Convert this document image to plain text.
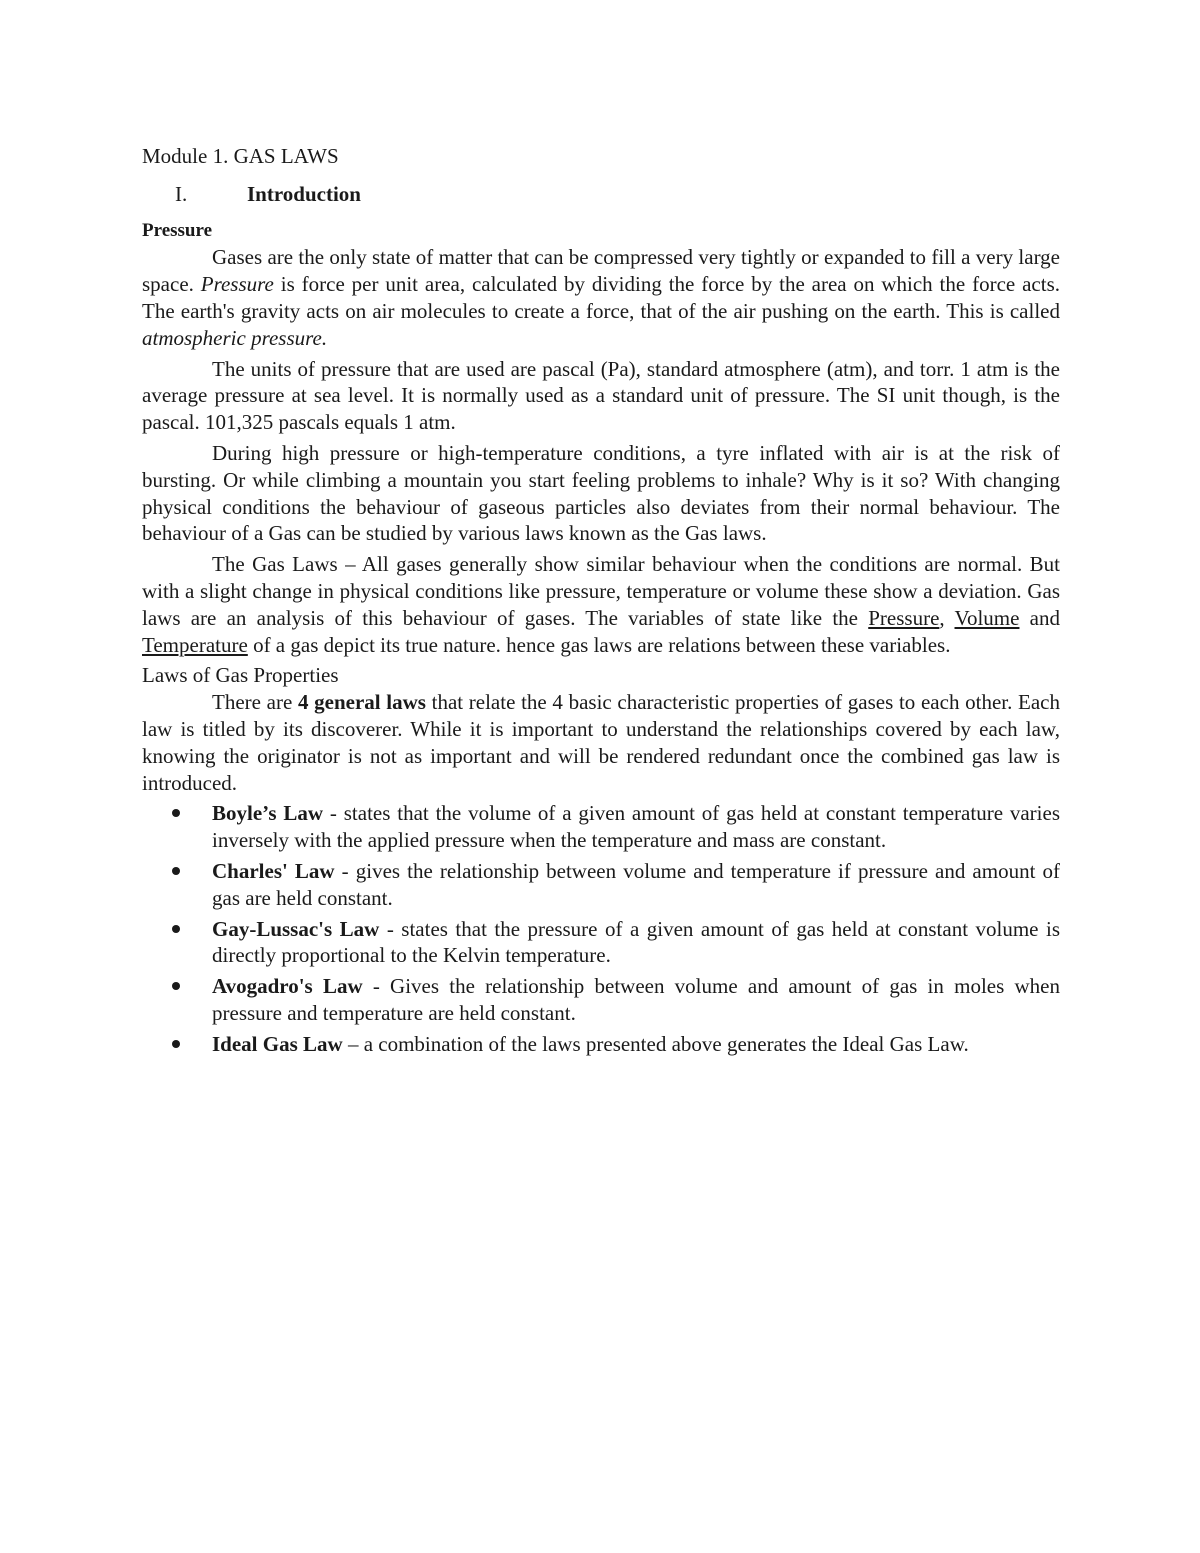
Module 1. GAS LAWS
I.	Introduction
Pressure

Gases are the only state of matter that can be compressed very tightly or expanded to fill a very large space. Pressure is force per unit area, calculated by dividing the force by the area on which the force acts. The earth's gravity acts on air molecules to create a force, that of the air pushing on the earth. This is called atmospheric pressure.

The units of pressure that are used are pascal (Pa), standard atmosphere (atm), and torr. 1 atm is the average pressure at sea level. It is normally used as a standard unit of pressure. The SI unit though, is the pascal. 101,325 pascals equals 1 atm.

During high pressure or high-temperature conditions, a tyre inflated with air is at the risk of bursting. Or while climbing a mountain you start feeling problems to inhale? Why is it so? With changing physical conditions the behaviour of gaseous particles also deviates from their normal behaviour. The behaviour of a Gas can be studied by various laws known as the Gas laws.

The Gas Laws – All gases generally show similar behaviour when the conditions are normal. But with a slight change in physical conditions like pressure, temperature or volume these show a deviation. Gas laws are an analysis of this behaviour of gases. The variables of state like the Pressure, Volume and Temperature of a gas depict its true nature. hence gas laws are relations between these variables.

Laws of Gas Properties

There are 4 general laws that relate the 4 basic characteristic properties of gases to each other. Each law is titled by its discoverer. While it is important to understand the relationships covered by each law, knowing the originator is not as important and will be rendered redundant once the combined gas law is introduced.

Boyle’s Law - states that the volume of a given amount of gas held at constant temperature varies inversely with the applied pressure when the temperature and mass are constant.
Charles' Law - gives the relationship between volume and temperature if pressure and amount of gas are held constant.
Gay-Lussac's Law - states that the pressure of a given amount of gas held at constant volume is directly proportional to the Kelvin temperature.
Avogadro's Law - Gives the relationship between volume and amount of gas in moles when pressure and temperature are held constant.
Ideal Gas Law – a combination of the laws presented above generates the Ideal Gas Law.
